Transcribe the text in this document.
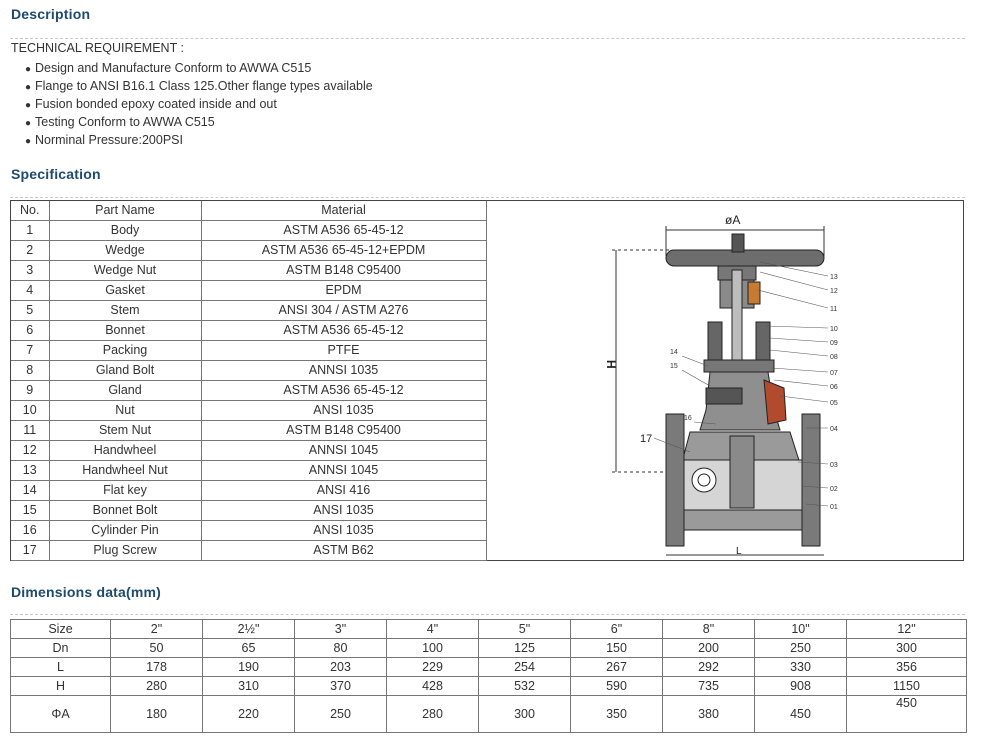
Description
TECHNICAL REQUIREMENT :
● Design and Manufacture Conform to AWWA C515
● Flange to ANSI B16.1 Class 125.Other flange types available
● Fusion bonded epoxy coated inside and out
● Testing Conform to AWWA C515
● Norminal Pressure:200PSI
Specification
No.	Part Name	Material
1	Body	ASTM A536 65-45-12
2	Wedge	ASTM A536 65-45-12+EPDM
3	Wedge Nut	ASTM B148 C95400
4	Gasket	EPDM
5	Stem	ANSI 304 / ASTM A276
6	Bonnet	ASTM A536 65-45-12
7	Packing	PTFE
8	Gland Bolt	ANNSI 1035
9	Gland	ASTM A536 65-45-12
10	Nut	ANSI 1035
11	Stem Nut	ASTM B148 C95400
12	Handwheel	ANNSI 1045
13	Handwheel Nut	ANNSI 1045
14	Flat key	ANSI 416
15	Bonnet Bolt	ANSI 1035
16	Cylinder Pin	ANSI 1035
17	Plug Screw	ASTM B62
øA
H
L
17
13
12
11
10
09
08
07
06
05
04
03
02
01
14
15
16
Dimensions data(mm)
Size	2"	2½"	3"	4"	5"	6"	8"	10"	12"
Dn	50	65	80	100	125	150	200	250	300
L	178	190	203	229	254	267	292	330	356
H	280	310	370	428	532	590	735	908	1150
ΦA	180	220	250	280	300	350	380	450	450
